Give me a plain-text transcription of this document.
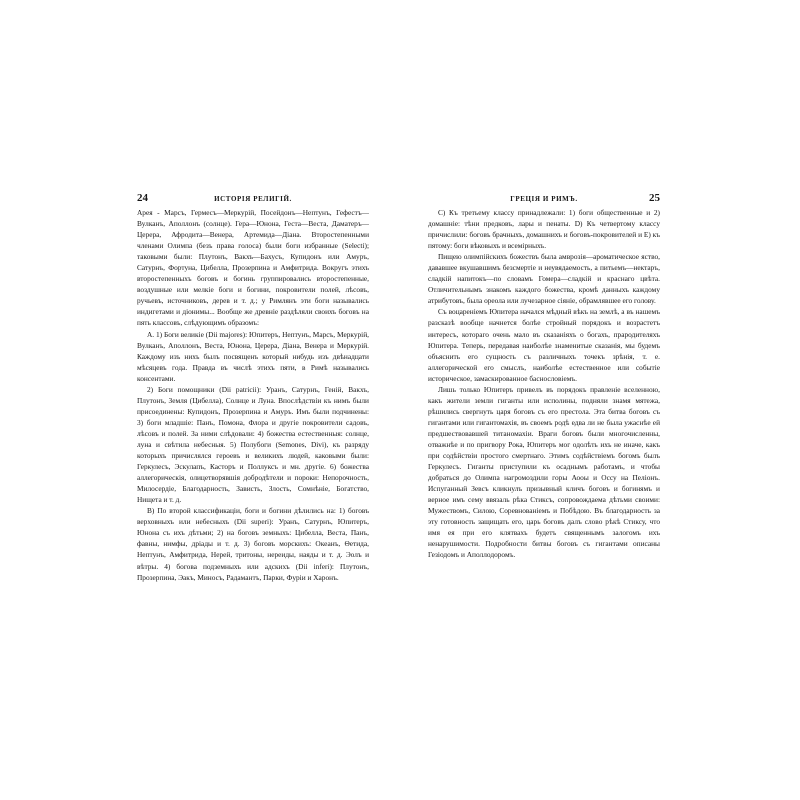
24	ИСТОРІЯ РЕЛИГІЙ.

Арея - Марсъ, Гермесъ—Меркурій, Посейдонъ—Нептунъ, Гефестъ—Вулканъ, Аполлонъ (солнце). Гера—Юнона, Геста—Веста, Даматеръ—Церера, Афродита—Венера, Артемида—Діана. Второстепенными членами Олимпа (безъ права голоса) были боги избранные (Selecti); таковыми были: Плутонъ, Вакхъ—Бахусъ, Купидонъ или Амуръ, Сатурнъ, Фортуна, Цибелла, Прозерпина и Амфитрида. Вокругъ этихъ второстепенныхъ боговъ и богинь группировались второстепенные, воздушные или мелкіе боги и богини, покровители полей, лѣсовъ, ручьевъ, источниковъ, дерев и т. д.; у Римлянъ эти боги назывались индигетами и діонимы... Вообще же древніе раздѣляли своихъ боговъ на пять классовъ, слѣдующимъ образомъ:

А. 1) Боги великіе (Dii majores): Юпитеръ, Нептунъ, Марсъ, Меркурій, Вулканъ, Аполлонъ, Веста, Юнона, Церера, Діана, Венера и Меркурій. Каждому изъ нихъ былъ посвященъ который нибудь изъ двѣнадцати мѣсяцевъ года. Правда въ числѣ этихъ пяти, в Римѣ назывались консентами.

2) Боги помощники (Dii patricii): Уранъ, Сатурнъ, Геній, Вакхъ, Плутонъ, Земля (Цибелла), Солнце и Луна. Впослѣдствіи къ нимъ были присоединены: Купидонъ, Прозерпина и Амуръ. Имъ были подчинены: 3) боги младшіе: Панъ, Помона, Флора и другіе покровители садовъ, лѣсовъ и полей. За ними слѣдовали: 4) божества естественныя: солнце, луна и свѣтила небесныя. 5) Полубоги (Semones, Divi), къ разряду которыхъ причислялся героевъ и великихъ людей, каковыми были: Геркулесъ, Эскулапъ, Касторъ и Поллуксъ и мн. другіе. 6) божества аллегорическія, олицетворявшія добродѣтели и пороки: Непорочность, Милосердіе, Благодарность, Зависть, Злость, Сомнѣніе, Богатство, Нищета и т. д.

В) По второй классификаціи, боги и богини дѣлились на: 1) боговъ верховныхъ или небесныхъ (Dii superi): Уранъ, Сатурнъ, Юпитеръ, Юнона съ ихъ дѣтьми; 2) на боговъ земныхъ: Цибелла, Веста, Панъ, фавны, нимфы, дріады и т. д. 3) боговъ морскихъ: Океанъ, Ѳетида, Нептунъ, Амфитрида, Нерей, тритоны, нереиды, наяды и т. д. Эолъ и вѣтры. 4) богова подземныхъ или адскихъ (Dii inferi): Плутонъ, Прозерпина, Эакъ, Миносъ, Радамантъ, Парки, Фуріи и Харонъ.

ГРЕЦІЯ И РИМЪ.	25

С) Къ третьему классу принадлежали: 1) боги общественные и 2) домашніе: тѣни предковъ, лары и пенаты. D) Къ четвертому классу причислили: боговъ брачныхъ, домашнихъ и боговъ-покровителей и Е) къ пятому: боги вѣковыхъ и всемірныхъ.

Пищею олимпійскихъ божествъ была амврозія—ароматическое яство, дававшее вкушавшимъ безсмертіе и неувядаемость, а питьемъ—нектаръ, сладкій напитокъ—по словамъ Гомера—сладкій и краснаго цвѣта. Отличительнымъ знакомъ каждого божества, кромѣ данныхъ каждому атрибутовъ, была ореола или лучезарное сіяніе, обрамлявшее его голову.

Съ воцареніемъ Юпитера начался мѣдный вѣкъ на землѣ, а въ нашемъ разсказѣ вообще начнется болѣе стройный порядокъ и возрастетъ интересъ, котораго очень мало въ сказаніяхъ о богахъ, прародителяхъ Юпитера. Теперь, передавая наиболѣе знаменитые сказанія, мы будемъ объяснить его сущность съ различныхъ точекъ зрѣнія, т. е. аллегорической его смыслъ, наиболѣе естественное или событіе историческое, замаскированное баснословіемъ.

Лишь только Юпитеръ привелъ въ порядокъ правленіе вселенною, какъ жители земли гиганты или исполины, подняли знамя мятежа, рѣшились свергнуть царя боговъ съ его престола. Эта битва боговъ съ гигантами или гигантомахія, въ своемъ родѣ едва ли не была ужаснѣе ей предшествовавшей титаномахіи. Враги боговъ были многочисленны, отважнѣе и по пригвору Рока, Юпитеръ мог одолѣть ихъ не иначе, какъ при содѣйствіи простого смертнаго. Этимъ содѣйствіемъ богомъ былъ Геркулесъ. Гиганты приступили къ осаднымъ работамъ, и чтобы добраться до Олимпа нагромоздили горы Аооы и Оссу на Пеліонъ. Испуганный Зевсъ кликнулъ призывный кличъ боговъ и богинямъ и верное имъ сему ввязаль рѣка Стиксъ, сопровождаема дѣтьми своими: Мужествомъ, Силою, Соревнованіемъ и Побѣдою. Въ благодарность за эту готовность защищать его, царь боговъ далъ слово рѣкѣ Стиксу, что имя ея при его клятвахъ будетъ священнымъ залогомъ ихъ ненарушимости. Подробности битвы боговъ съ гигантами описаны Гезіодомъ и Аполлодоромъ.
